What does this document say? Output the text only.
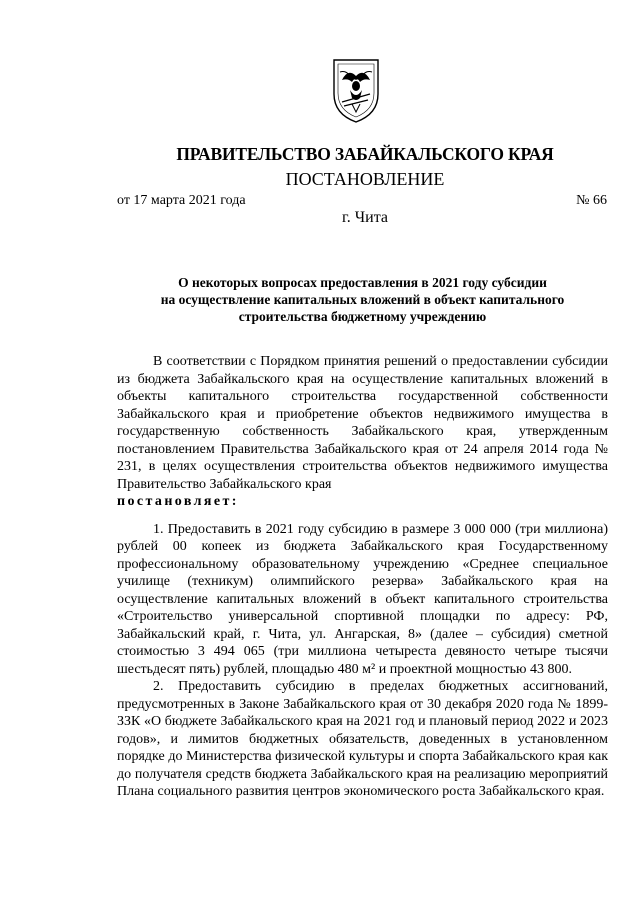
ПРАВИТЕЛЬСТВО ЗАБАЙКАЛЬСКОГО КРАЯ
ПОСТАНОВЛЕНИЕ
от 17 марта 2021 года	№ 66
г. Чита
О некоторых вопросах предоставления в 2021 году субсидии
на осуществление капитальных вложений в объект капитального
строительства бюджетному учреждению
В соответствии с Порядком принятия решений о предоставлении субсидии из бюджета Забайкальского края на осуществление капитальных вложений в объекты капитального строительства государственной собственности Забайкальского края и приобретение объектов недвижимого имущества в государственную собственность Забайкальского края, утвержденным постановлением Правительства Забайкальского края от 24 апреля 2014 года № 231, в целях осуществления строительства объектов недвижимого имущества Правительство Забайкальского края
постановляет:
1. Предоставить в 2021 году субсидию в размере 3 000 000 (три миллиона) рублей 00 копеек из бюджета Забайкальского края Государственному профессиональному образовательному учреждению «Среднее специальное училище (техникум) олимпийского резерва» Забайкальского края на осуществление капитальных вложений в объект капитального строительства «Строительство универсальной спортивной площадки по адресу: РФ, Забайкальский край, г. Чита, ул. Ангарская, 8» (далее – субсидия) сметной стоимостью 3 494 065 (три миллиона четыреста девяносто четыре тысячи шестьдесят пять) рублей, площадью 480 м² и проектной мощностью 43 800.
2. Предоставить субсидию в пределах бюджетных ассигнований, предусмотренных в Законе Забайкальского края от 30 декабря 2020 года № 1899-ЗЗК «О бюджете Забайкальского края на 2021 год и плановый период 2022 и 2023 годов», и лимитов бюджетных обязательств, доведенных в установленном порядке до Министерства физической культуры и спорта Забайкальского края как до получателя средств бюджета Забайкальского края на реализацию мероприятий Плана социального развития центров экономического роста Забайкальского края.
